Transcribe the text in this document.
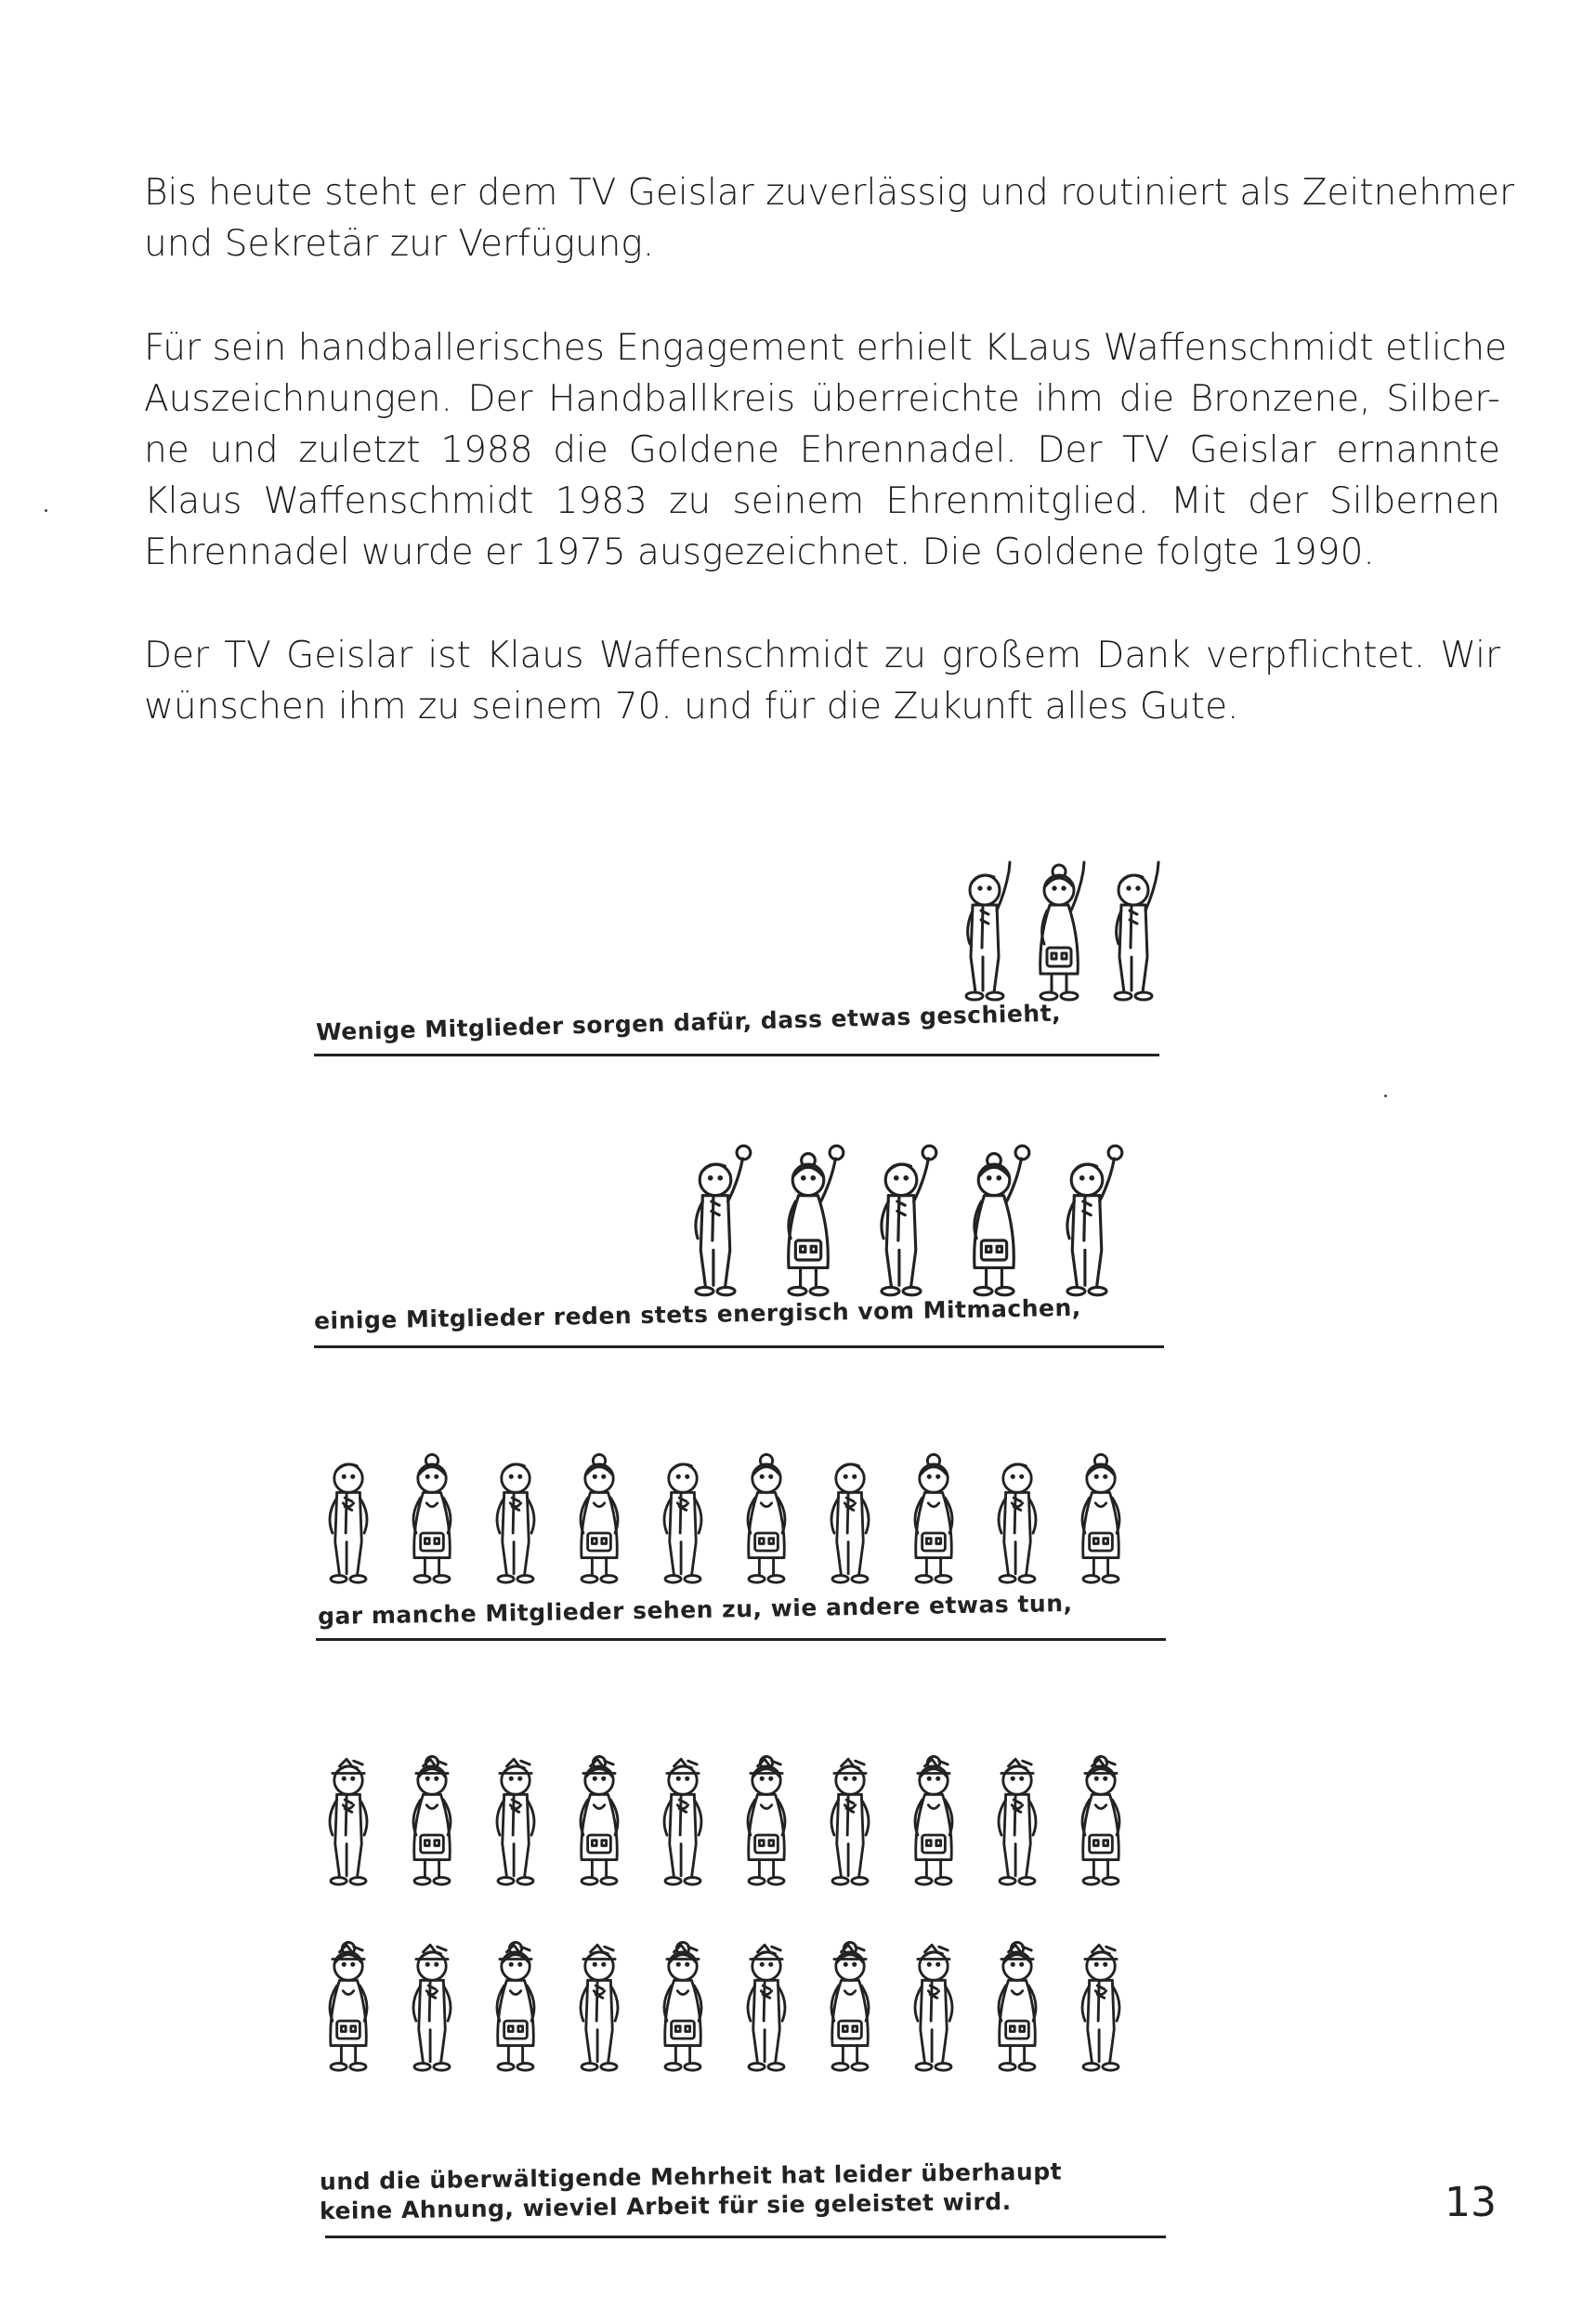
Bis heute steht er dem TV Geislar zuverlässig und routiniert als Zeitnehmer
und Sekretär zur Verfügung.
Für sein handballerisches Engagement erhielt KLaus Waffenschmidt etliche
Auszeichnungen. Der Handballkreis überreichte ihm die Bronzene, Silber-
ne und zuletzt 1988 die Goldene Ehrennadel. Der TV Geislar ernannte
Klaus Waffenschmidt 1983 zu seinem Ehrenmitglied. Mit der Silbernen
Ehrennadel wurde er 1975 ausgezeichnet. Die Goldene folgte 1990.
Der TV Geislar ist Klaus Waffenschmidt zu großem Dank verpflichtet. Wir
wünschen ihm zu seinem 70. und für die Zukunft alles Gute.
Wenige Mitglieder sorgen dafür, dass etwas geschieht,
einige Mitglieder reden stets energisch vom Mitmachen,
gar manche Mitglieder sehen zu, wie andere etwas tun,
und die überwältigende Mehrheit hat leider überhaupt
keine Ahnung, wieviel Arbeit für sie geleistet wird.	13
